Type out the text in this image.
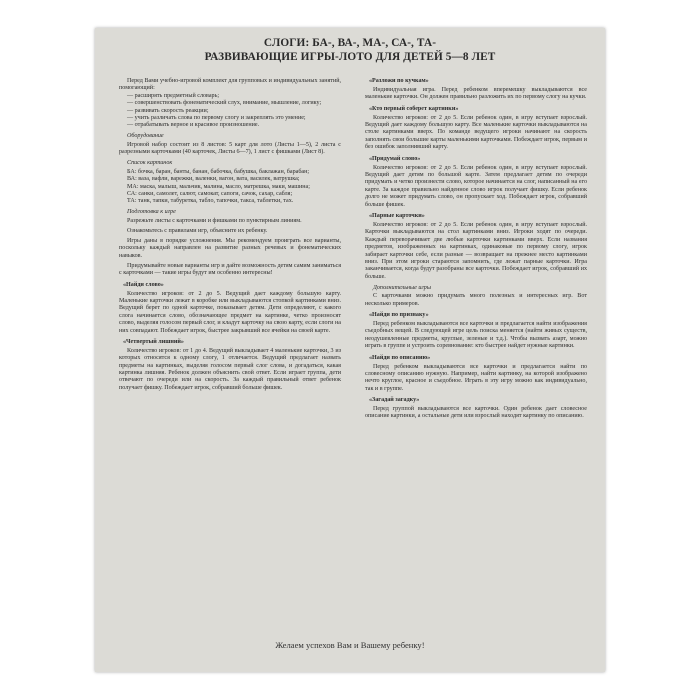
СЛОГИ: БА-, ВА-, МА-, СА-, ТА-
РАЗВИВАЮЩИЕ ИГРЫ-ЛОТО ДЛЯ ДЕТЕЙ 5—8 ЛЕТ

Перед Вами учебно-игровой комплект для групповых и индивидуальных занятий, помогающий:

— расширять предметный словарь;

— совершенствовать фонематический слух, внимание, мышление, логику;

— развивать скорость реакции;

— учить различать слова по первому слогу и закреплять это умение;

— отрабатывать верное и красивое произношение.

Оборудование

Игровой набор состоит из 8 листов: 5 карт для лото (Листы 1—5), 2 листа с разрезными карточками (40 карточек, Листы 6—7), 1 лист с фишками (Лист 8).

Список картинок

БА: бочка, баран, банты, банан, бабочка, бабушка, баклажан, барабан;

ВА: ваза, вафли, варежки, валенки, вагон, вата, василек, ватрушка;

МА: маска, малыш, мальчик, малина, масло, матрешка, маки, машина;

СА: санки, самолет, салют, самокат, сапоги, сачок, сахар, сабля;

ТА: танк, тапки, табуретка, табло, тапочки, такса, таблетки, тах.

Подготовка к игре

Разрежьте листы с карточками и фишками по пунктирным линиям.

Ознакомьтесь с правилами игр, объясните их ребенку.

Игры даны в порядке усложнения. Мы рекомендуем проиграть все варианты, поскольку каждый направлен на развитие разных речевых и фонематических навыков.

Придумывайте новые варианты игр и дайте возможность детям самим заниматься с карточками — такие игры будут им особенно интересны!

«Найди слово»

Количество игроков: от 2 до 5. Ведущий дает каждому большую карту. Маленькие карточки лежат в коробке или выкладываются стопкой картинками вниз. Ведущий берет по одной карточке, показывает детям. Дети определяют, с какого слога начинается слово, обозначающее предмет на картинке, четко произносят слово, выделяя голосом первый слог, и кладут карточку на свою карту, если слоги на них совпадают. Побеждает игрок, быстрее закрывший все ячейки на своей карте.

«Четвертый лишний»

Количество игроков: от 1 до 4. Ведущий выкладывает 4 маленькие карточки, 3 из которых относятся к одному слогу, 1 отличается. Ведущий предлагает назвать предметы на картинках, выделяя голосом первый слог слова, и догадаться, какая картинка лишняя. Ребенок должен объяснить свой ответ. Если играет группа, дети отвечают по очереди или на скорость. За каждый правильный ответ ребенок получает фишку. Побеждает игрок, собравший больше фишек.

«Разложи по кучкам»

Индивидуальная игра. Перед ребенком вперемешку выкладываются все маленькие карточки. Он должен правильно разложить их по первому слогу на кучки.

«Кто первый соберет картинки»

Количество игроков: от 2 до 5. Если ребенок один, в игру вступает взрослый. Ведущий дает каждому большую карту. Все маленькие карточки выкладываются на столе картинками вверх. По команде ведущего игроки начинают на скорость заполнять свои большие карты маленькими карточками. Побеждает игрок, первым и без ошибок заполнивший карту.

«Придумай слово»

Количество игроков: от 2 до 5. Если ребенок один, в игру вступает взрослый. Ведущий дает детям по большой карте. Затем предлагает детям по очереди придумать и четко произнести слово, которое начинается на слог, написанный на его карте. За каждое правильно найденное слово игрок получает фишку. Если ребенок долго не может придумать слово, он пропускает ход. Побеждает игрок, собравший больше фишек.

«Парные карточки»

Количество игроков: от 2 до 5. Если ребенок один, в игру вступает взрослый. Карточки выкладываются на стол картинками вниз. Игроки ходят по очереди. Каждый переворачивает две любые карточки картинками вверх. Если названия предметов, изображенных на картинках, одинаковые по первому слогу, игрок забирает карточки себе, если разные — возвращает на прежнее место картинками вниз. При этом игроки стараются запомнить, где лежат парные карточки. Игра заканчивается, когда будут разобраны все карточки. Побеждает игрок, собравший их больше.

Дополнительные игры

С карточками можно придумать много полезных и интересных игр. Вот несколько примеров.

«Найди по признаку»

Перед ребенком выкладываются все карточки и предлагается найти изображения съедобных вещей. В следующей игре цель поиска меняется (найти живых существ, неодушевленные предметы, круглые, зеленые и т.д.). Чтобы вызвать азарт, можно играть в группе и устроить соревнование: кто быстрее найдет нужные картинки.

«Найди по описанию»

Перед ребенком выкладываются все карточки и предлагается найти по словесному описанию нужную. Например, найти картинку, на которой изображено нечто круглое, красное и съедобное. Играть в эту игру можно как индивидуально, так и в группе.

«Загадай загадку»

Перед группой выкладываются все карточки. Один ребенок дает словесное описание картинки, а остальные дети или взрослый находят картинку по описанию.

Желаем успехов Вам и Вашему ребенку!
